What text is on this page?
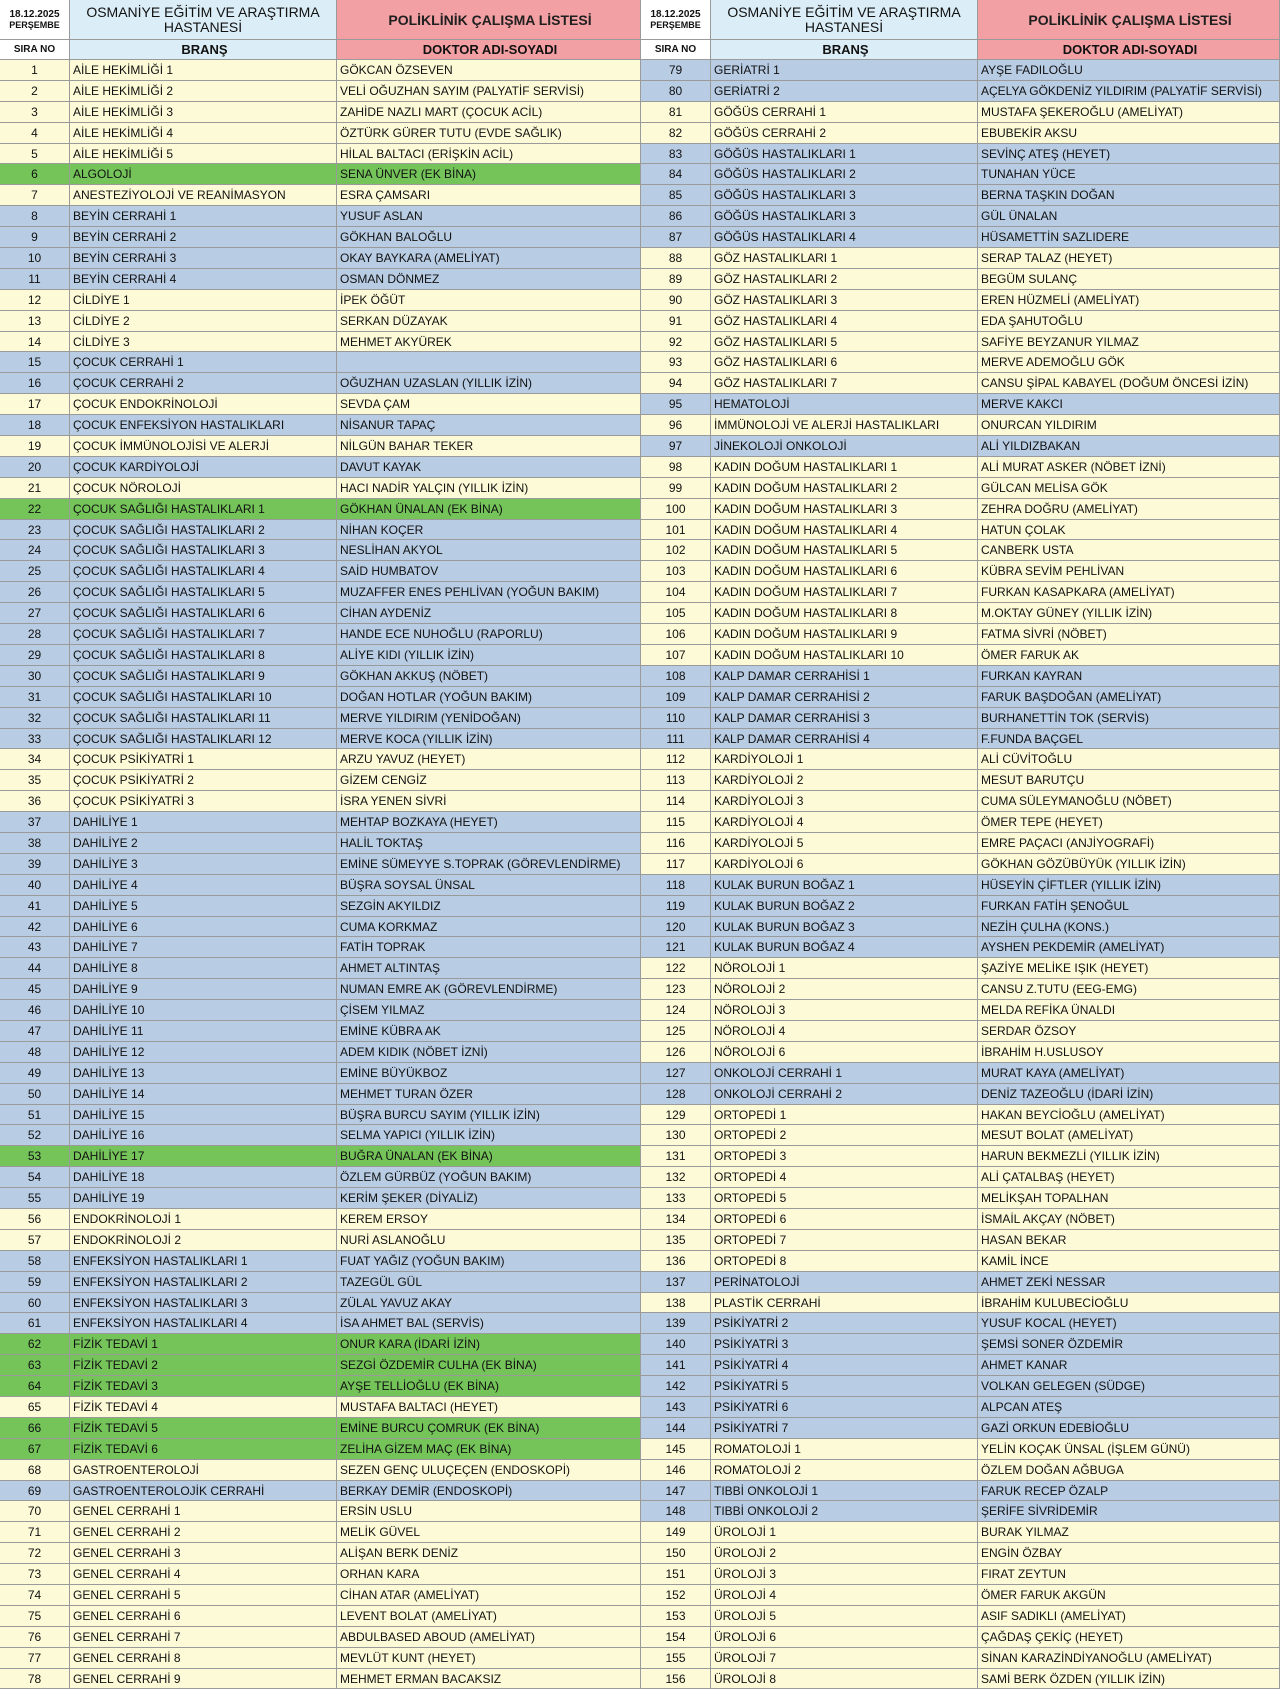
18.12.2025
PERŞEMBE
OSMANİYE EĞİTİM VE ARAŞTIRMA HASTANESİ	POLİKLİNİK ÇALIŞMA LİSTESİ
SIRA NO	BRANŞ	DOKTOR ADI-SOYADI
1	AİLE HEKİMLİĞİ 1	GÖKCAN ÖZSEVEN
2	AİLE HEKİMLİĞİ 2	VELİ OĞUZHAN SAYIM (PALYATİF SERVİSİ)
3	AİLE HEKİMLİĞİ 3	ZAHİDE NAZLI MART (ÇOCUK ACİL)
4	AİLE HEKİMLİĞİ 4	ÖZTÜRK GÜRER TUTU (EVDE SAĞLIK)
5	AİLE HEKİMLİĞİ 5	HİLAL BALTACI (ERİŞKİN ACİL)
6	ALGOLOJİ	SENA ÜNVER (EK BİNA)
7	ANESTEZİYOLOJİ VE REANİMASYON	ESRA ÇAMSARI
8	BEYİN CERRAHİ 1	YUSUF ASLAN
9	BEYİN CERRAHİ 2	GÖKHAN BALOĞLU
10	BEYİN CERRAHİ 3	OKAY BAYKARA (AMELİYAT)
11	BEYİN CERRAHİ 4	OSMAN DÖNMEZ
12	CİLDİYE 1	İPEK ÖĞÜT
13	CİLDİYE 2	SERKAN DÜZAYAK
14	CİLDİYE 3	MEHMET AKYÜREK
15	ÇOCUK CERRAHİ 1
16	ÇOCUK CERRAHİ 2	OĞUZHAN UZASLAN (YILLIK İZİN)
17	ÇOCUK ENDOKRİNOLOJİ	SEVDA ÇAM
18	ÇOCUK ENFEKSİYON HASTALIKLARI	NİSANUR TAPAÇ
19	ÇOCUK İMMÜNOLOJİSİ VE ALERJİ	NİLGÜN BAHAR TEKER
20	ÇOCUK KARDİYOLOJİ	DAVUT KAYAK
21	ÇOCUK NÖROLOJİ	HACI NADİR YALÇIN (YILLIK İZİN)
22	ÇOCUK SAĞLIĞI HASTALIKLARI 1	GÖKHAN ÜNALAN (EK BİNA)
23	ÇOCUK SAĞLIĞI HASTALIKLARI 2	NİHAN KOÇER
24	ÇOCUK SAĞLIĞI HASTALIKLARI 3	NESLİHAN AKYOL
25	ÇOCUK SAĞLIĞI HASTALIKLARI 4	SAİD HUMBATOV
26	ÇOCUK SAĞLIĞI HASTALIKLARI 5	MUZAFFER ENES PEHLİVAN (YOĞUN BAKIM)
27	ÇOCUK SAĞLIĞI HASTALIKLARI 6	CİHAN AYDENİZ
28	ÇOCUK SAĞLIĞI HASTALIKLARI 7	HANDE ECE NUHOĞLU (RAPORLU)
29	ÇOCUK SAĞLIĞI HASTALIKLARI 8	ALİYE KIDI (YILLIK İZİN)
30	ÇOCUK SAĞLIĞI HASTALIKLARI 9	GÖKHAN AKKUŞ (NÖBET)
31	ÇOCUK SAĞLIĞI HASTALIKLARI 10	DOĞAN HOTLAR (YOĞUN BAKIM)
32	ÇOCUK SAĞLIĞI HASTALIKLARI 11	MERVE YILDIRIM (YENİDOĞAN)
33	ÇOCUK SAĞLIĞI HASTALIKLARI 12	MERVE KOCA (YILLIK İZİN)
34	ÇOCUK PSİKİYATRİ 1	ARZU YAVUZ (HEYET)
35	ÇOCUK PSİKİYATRİ 2	GİZEM CENGİZ
36	ÇOCUK PSİKİYATRİ 3	İSRA YENEN SİVRİ
37	DAHİLİYE 1	MEHTAP BOZKAYA (HEYET)
38	DAHİLİYE 2	HALİL TOKTAŞ
39	DAHİLİYE 3	EMİNE SÜMEYYE S.TOPRAK (GÖREVLENDİRME)
40	DAHİLİYE 4	BÜŞRA SOYSAL ÜNSAL
41	DAHİLİYE 5	SEZGİN AKYILDIZ
42	DAHİLİYE 6	CUMA KORKMAZ
43	DAHİLİYE 7	FATİH TOPRAK
44	DAHİLİYE 8	AHMET ALTINTAŞ
45	DAHİLİYE 9	NUMAN EMRE AK (GÖREVLENDİRME)
46	DAHİLİYE 10	ÇİSEM YILMAZ
47	DAHİLİYE 11	EMİNE KÜBRA AK
48	DAHİLİYE 12	ADEM KIDIK (NÖBET İZNİ)
49	DAHİLİYE 13	EMİNE BÜYÜKBOZ
50	DAHİLİYE 14	MEHMET TURAN ÖZER
51	DAHİLİYE 15	BÜŞRA BURCU SAYIM (YILLIK İZİN)
52	DAHİLİYE 16	SELMA YAPICI (YILLIK İZİN)
53	DAHİLİYE 17	BUĞRA ÜNALAN (EK BİNA)
54	DAHİLİYE 18	ÖZLEM GÜRBÜZ (YOĞUN BAKIM)
55	DAHİLİYE 19	KERİM ŞEKER (DİYALİZ)
56	ENDOKRİNOLOJİ 1	KEREM ERSOY
57	ENDOKRİNOLOJİ 2	NURİ ASLANOĞLU
58	ENFEKSİYON HASTALIKLARI 1	FUAT YAĞIZ (YOĞUN BAKIM)
59	ENFEKSİYON HASTALIKLARI 2	TAZEGÜL GÜL
60	ENFEKSİYON HASTALIKLARI 3	ZÜLAL YAVUZ AKAY
61	ENFEKSİYON HASTALIKLARI 4	İSA AHMET BAL (SERVİS)
62	FİZİK TEDAVİ 1	ONUR KARA (İDARİ İZİN)
63	FİZİK TEDAVİ 2	SEZGİ ÖZDEMİR CULHA (EK BİNA)
64	FİZİK TEDAVİ 3	AYŞE TELLİOĞLU (EK BİNA)
65	FİZİK TEDAVİ 4	MUSTAFA BALTACI (HEYET)
66	FİZİK TEDAVİ 5	EMİNE BURCU ÇOMRUK (EK BİNA)
67	FİZİK TEDAVİ 6	ZELİHA GİZEM MAÇ (EK BİNA)
68	GASTROENTEROLOJİ	SEZEN GENÇ ULUÇEÇEN (ENDOSKOPİ)
69	GASTROENTEROLOJİK CERRAHİ	BERKAY DEMİR (ENDOSKOPİ)
70	GENEL CERRAHİ 1	ERSİN USLU
71	GENEL CERRAHİ 2	MELİK GÜVEL
72	GENEL CERRAHİ 3	ALİŞAN BERK DENİZ
73	GENEL CERRAHİ 4	ORHAN KARA
74	GENEL CERRAHİ 5	CİHAN ATAR (AMELİYAT)
75	GENEL CERRAHİ 6	LEVENT BOLAT (AMELİYAT)
76	GENEL CERRAHİ 7	ABDULBASED ABOUD (AMELİYAT)
77	GENEL CERRAHİ 8	MEVLÜT KUNT (HEYET)
78	GENEL CERRAHİ 9	MEHMET ERMAN BACAKSIZ
18.12.2025
PERŞEMBE
OSMANİYE EĞİTİM VE ARAŞTIRMA HASTANESİ	POLİKLİNİK ÇALIŞMA LİSTESİ
SIRA NO	BRANŞ	DOKTOR ADI-SOYADI
79	GERİATRİ 1	AYŞE FADILOĞLU
80	GERİATRİ 2	AÇELYA GÖKDENİZ YILDIRIM (PALYATİF SERVİSİ)
81	GÖĞÜS CERRAHİ 1	MUSTAFA ŞEKEROĞLU (AMELİYAT)
82	GÖĞÜS CERRAHİ 2	EBUBEKİR AKSU
83	GÖĞÜS HASTALIKLARI 1	SEVİNÇ ATEŞ (HEYET)
84	GÖĞÜS HASTALIKLARI 2	TUNAHAN YÜCE
85	GÖĞÜS HASTALIKLARI 3	BERNA TAŞKIN DOĞAN
86	GÖĞÜS HASTALIKLARI 3	GÜL ÜNALAN
87	GÖĞÜS HASTALIKLARI 4	HÜSAMETTİN SAZLIDERE
88	GÖZ HASTALIKLARI 1	SERAP TALAZ (HEYET)
89	GÖZ HASTALIKLARI 2	BEGÜM SULANÇ
90	GÖZ HASTALIKLARI 3	EREN HÜZMELİ (AMELİYAT)
91	GÖZ HASTALIKLARI 4	EDA ŞAHUTOĞLU
92	GÖZ HASTALIKLARI 5	SAFİYE BEYZANUR YILMAZ
93	GÖZ HASTALIKLARI 6	MERVE ADEMOĞLU GÖK
94	GÖZ HASTALIKLARI 7	CANSU ŞİPAL KABAYEL (DOĞUM ÖNCESİ İZİN)
95	HEMATOLOJİ	MERVE KAKCI
96	İMMÜNOLOJİ VE ALERJİ HASTALIKLARI	ONURCAN YILDIRIM
97	JİNEKOLOJİ ONKOLOJİ	ALİ YILDIZBAKAN
98	KADIN DOĞUM HASTALIKLARI 1	ALİ MURAT ASKER (NÖBET İZNİ)
99	KADIN DOĞUM HASTALIKLARI 2	GÜLCAN MELİSA GÖK
100	KADIN DOĞUM HASTALIKLARI 3	ZEHRA DOĞRU (AMELİYAT)
101	KADIN DOĞUM HASTALIKLARI 4	HATUN ÇOLAK
102	KADIN DOĞUM HASTALIKLARI 5	CANBERK USTA
103	KADIN DOĞUM HASTALIKLARI 6	KÜBRA SEVİM PEHLİVAN
104	KADIN DOĞUM HASTALIKLARI 7	FURKAN KASAPKARA (AMELİYAT)
105	KADIN DOĞUM HASTALIKLARI 8	M.OKTAY GÜNEY (YILLIK İZİN)
106	KADIN DOĞUM HASTALIKLARI 9	FATMA SİVRİ (NÖBET)
107	KADIN DOĞUM HASTALIKLARI 10	ÖMER FARUK AK
108	KALP DAMAR CERRAHİSİ 1	FURKAN KAYRAN
109	KALP DAMAR CERRAHİSİ 2	FARUK BAŞDOĞAN (AMELİYAT)
110	KALP DAMAR CERRAHİSİ 3	BURHANETTİN TOK (SERVİS)
111	KALP DAMAR CERRAHİSİ 4	F.FUNDA BAÇGEL
112	KARDİYOLOJİ 1	ALİ CÜVİTOĞLU
113	KARDİYOLOJİ 2	MESUT BARUTÇU
114	KARDİYOLOJİ 3	CUMA SÜLEYMANOĞLU (NÖBET)
115	KARDİYOLOJİ 4	ÖMER TEPE (HEYET)
116	KARDİYOLOJİ 5	EMRE PAÇACI (ANJİYOGRAFİ)
117	KARDİYOLOJİ 6	GÖKHAN GÖZÜBÜYÜK (YILLIK İZİN)
118	KULAK BURUN BOĞAZ 1	HÜSEYİN ÇİFTLER (YILLIK İZİN)
119	KULAK BURUN BOĞAZ 2	FURKAN FATİH ŞENOĞUL
120	KULAK BURUN BOĞAZ 3	NEZİH ÇULHA (KONS.)
121	KULAK BURUN BOĞAZ 4	AYSHEN PEKDEMİR (AMELİYAT)
122	NÖROLOJİ 1	ŞAZİYE MELİKE IŞIK (HEYET)
123	NÖROLOJİ 2	CANSU Z.TUTU (EEG-EMG)
124	NÖROLOJİ 3	MELDA REFİKA ÜNALDI
125	NÖROLOJİ 4	SERDAR ÖZSOY
126	NÖROLOJİ 6	İBRAHİM H.USLUSOY
127	ONKOLOJİ CERRAHİ 1	MURAT KAYA (AMELİYAT)
128	ONKOLOJİ CERRAHİ 2	DENİZ TAZEOĞLU (İDARİ İZİN)
129	ORTOPEDİ 1	HAKAN BEYCİOĞLU (AMELİYAT)
130	ORTOPEDİ 2	MESUT BOLAT (AMELİYAT)
131	ORTOPEDİ 3	HARUN BEKMEZLİ (YILLIK İZİN)
132	ORTOPEDİ 4	ALİ ÇATALBAŞ (HEYET)
133	ORTOPEDİ 5	MELİKŞAH TOPALHAN
134	ORTOPEDİ 6	İSMAİL AKÇAY (NÖBET)
135	ORTOPEDİ 7	HASAN BEKAR
136	ORTOPEDİ 8	KAMİL İNCE
137	PERİNATOLOJİ	AHMET ZEKİ NESSAR
138	PLASTİK CERRAHİ	İBRAHİM KULUBECİOĞLU
139	PSİKİYATRİ 2	YUSUF KOCAL (HEYET)
140	PSİKİYATRİ 3	ŞEMSİ SONER ÖZDEMİR
141	PSİKİYATRİ 4	AHMET KANAR
142	PSİKİYATRİ 5	VOLKAN GELEGEN (SÜDGE)
143	PSİKİYATRİ 6	ALPCAN ATEŞ
144	PSİKİYATRİ 7	GAZİ ORKUN EDEBİOĞLU
145	ROMATOLOJİ 1	YELİN KOÇAK ÜNSAL (İŞLEM GÜNÜ)
146	ROMATOLOJİ 2	ÖZLEM DOĞAN AĞBUGA
147	TIBBİ ONKOLOJİ 1	FARUK RECEP ÖZALP
148	TIBBİ ONKOLOJİ 2	ŞERİFE SİVRİDEMİR
149	ÜROLOJİ 1	BURAK YILMAZ
150	ÜROLOJİ 2	ENGİN ÖZBAY
151	ÜROLOJİ 3	FIRAT ZEYTUN
152	ÜROLOJİ 4	ÖMER FARUK AKGÜN
153	ÜROLOJİ 5	ASIF SADIKLI (AMELİYAT)
154	ÜROLOJİ 6	ÇAĞDAŞ ÇEKİÇ (HEYET)
155	ÜROLOJİ 7	SİNAN KARAZİNDİYANOĞLU (AMELİYAT)
156	ÜROLOJİ 8	SAMİ BERK ÖZDEN (YILLIK İZİN)
